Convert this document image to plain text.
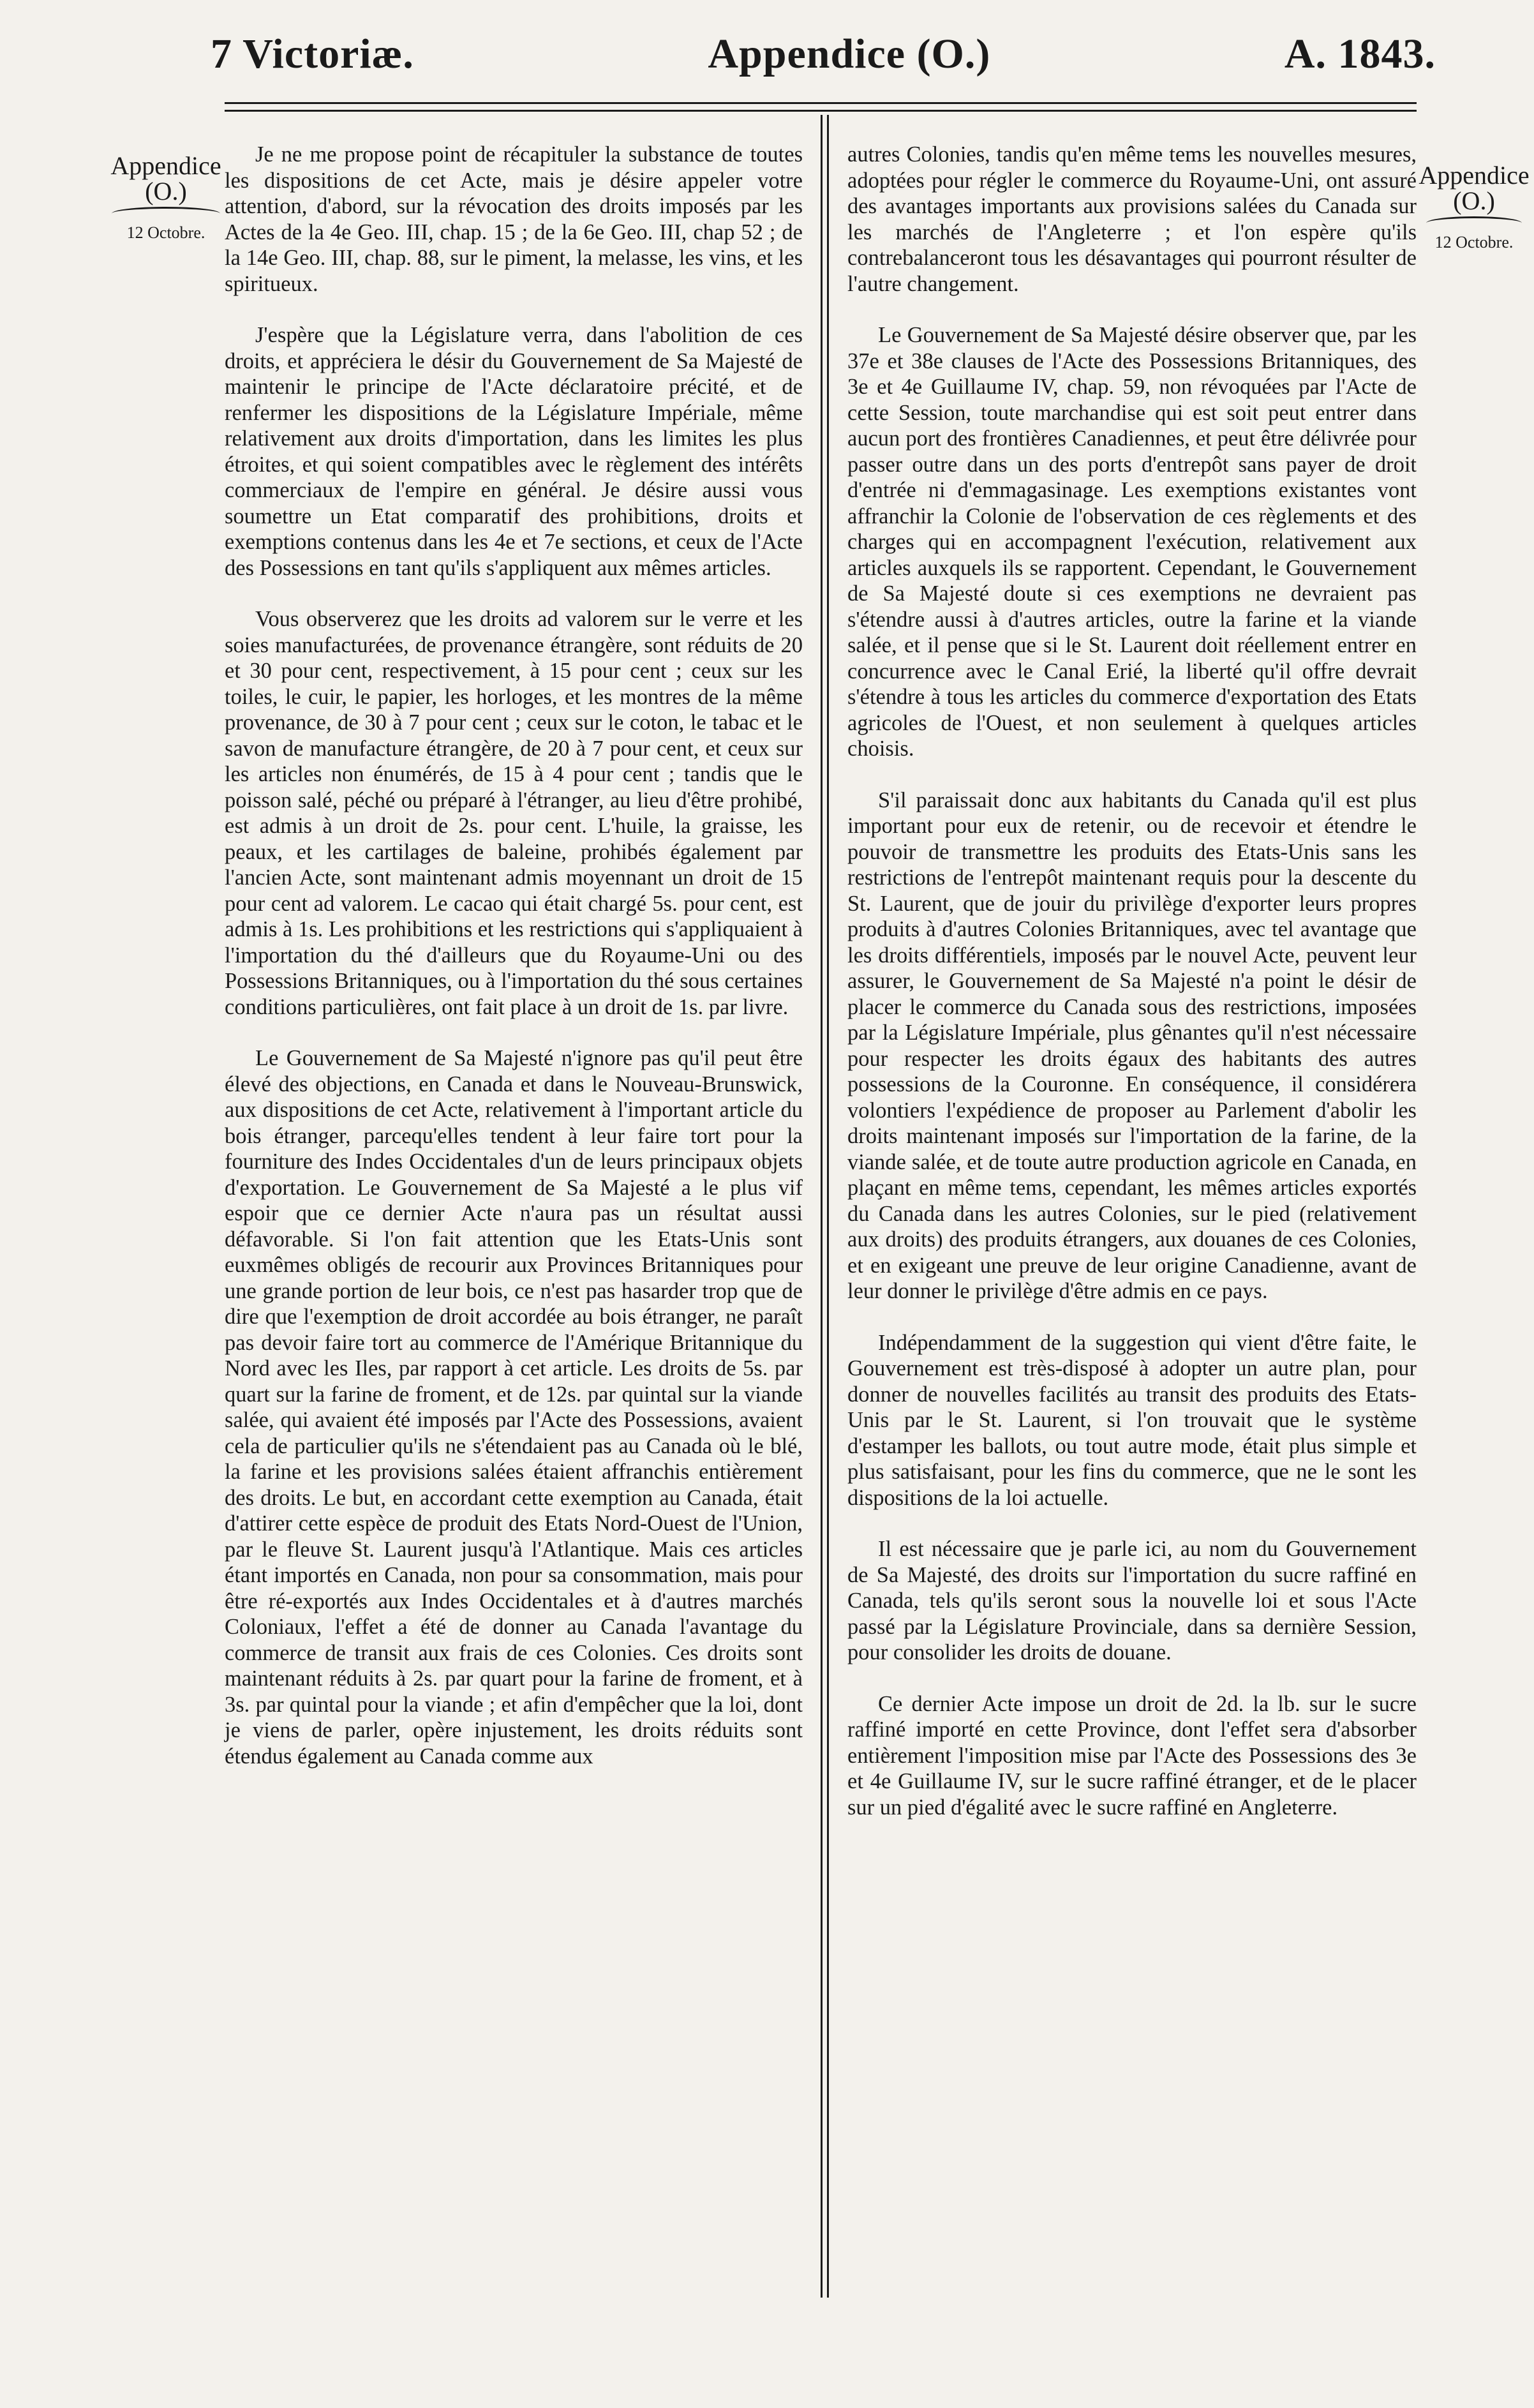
7 Victoriæ.	Appendice (O.)	A. 1843.
Appendice
(O.)
12 Octobre.
Appendice
(O.)
12 Octobre.

Je ne me propose point de récapituler la substance de toutes les dispositions de cet Acte, mais je désire appeler votre attention, d'abord, sur la révocation des droits imposés par les Actes de la 4e Geo. III, chap. 15 ; de la 6e Geo. III, chap 52 ; de la 14e Geo. III, chap. 88, sur le piment, la melasse, les vins, et les spiritueux.

J'espère que la Législature verra, dans l'abolition de ces droits, et appréciera le désir du Gouvernement de Sa Majesté de maintenir le principe de l'Acte déclaratoire précité, et de renfermer les dispositions de la Législature Impériale, même relativement aux droits d'importation, dans les limites les plus étroites, et qui soient compatibles avec le règlement des intérêts commerciaux de l'empire en général. Je désire aussi vous soumettre un Etat comparatif des prohibitions, droits et exemptions contenus dans les 4e et 7e sections, et ceux de l'Acte des Possessions en tant qu'ils s'appliquent aux mêmes articles.

Vous observerez que les droits ad valorem sur le verre et les soies manufacturées, de provenance étrangère, sont réduits de 20 et 30 pour cent, respectivement, à 15 pour cent ; ceux sur les toiles, le cuir, le papier, les horloges, et les montres de la même provenance, de 30 à 7 pour cent ; ceux sur le coton, le tabac et le savon de manufacture étrangère, de 20 à 7 pour cent, et ceux sur les articles non énumérés, de 15 à 4 pour cent ; tandis que le poisson salé, péché ou préparé à l'étranger, au lieu d'être prohibé, est admis à un droit de 2s. pour cent. L'huile, la graisse, les peaux, et les cartilages de baleine, prohibés également par l'ancien Acte, sont maintenant admis moyennant un droit de 15 pour cent ad valorem. Le cacao qui était chargé 5s. pour cent, est admis à 1s. Les prohibitions et les restrictions qui s'appliquaient à l'importation du thé d'ailleurs que du Royaume-Uni ou des Possessions Britanniques, ou à l'importation du thé sous certaines conditions particulières, ont fait place à un droit de 1s. par livre.

Le Gouvernement de Sa Majesté n'ignore pas qu'il peut être élevé des objections, en Canada et dans le Nouveau-Brunswick, aux dispositions de cet Acte, relativement à l'important article du bois étranger, parcequ'elles tendent à leur faire tort pour la fourniture des Indes Occidentales d'un de leurs principaux objets d'exportation. Le Gouvernement de Sa Majesté a le plus vif espoir que ce dernier Acte n'aura pas un résultat aussi défavorable. Si l'on fait attention que les Etats-Unis sont euxmêmes obligés de recourir aux Provinces Britanniques pour une grande portion de leur bois, ce n'est pas hasarder trop que de dire que l'exemption de droit accordée au bois étranger, ne paraît pas devoir faire tort au commerce de l'Amérique Britannique du Nord avec les Iles, par rapport à cet article. Les droits de 5s. par quart sur la farine de froment, et de 12s. par quintal sur la viande salée, qui avaient été imposés par l'Acte des Possessions, avaient cela de particulier qu'ils ne s'étendaient pas au Canada où le blé, la farine et les provisions salées étaient affranchis entièrement des droits. Le but, en accordant cette exemption au Canada, était d'attirer cette espèce de produit des Etats Nord-Ouest de l'Union, par le fleuve St. Laurent jusqu'à l'Atlantique. Mais ces articles étant importés en Canada, non pour sa consommation, mais pour être ré-exportés aux Indes Occidentales et à d'autres marchés Coloniaux, l'effet a été de donner au Canada l'avantage du commerce de transit aux frais de ces Colonies. Ces droits sont maintenant réduits à 2s. par quart pour la farine de froment, et à 3s. par quintal pour la viande ; et afin d'empêcher que la loi, dont je viens de parler, opère injustement, les droits réduits sont étendus également au Canada comme aux

autres Colonies, tandis qu'en même tems les nouvelles mesures, adoptées pour régler le commerce du Royaume-Uni, ont assuré des avantages importants aux provisions salées du Canada sur les marchés de l'Angleterre ; et l'on espère qu'ils contrebalanceront tous les désavantages qui pourront résulter de l'autre changement.

Le Gouvernement de Sa Majesté désire observer que, par les 37e et 38e clauses de l'Acte des Possessions Britanniques, des 3e et 4e Guillaume IV, chap. 59, non révoquées par l'Acte de cette Session, toute marchandise qui est soit peut entrer dans aucun port des frontières Canadiennes, et peut être délivrée pour passer outre dans un des ports d'entrepôt sans payer de droit d'entrée ni d'emmagasinage. Les exemptions existantes vont affranchir la Colonie de l'observation de ces règlements et des charges qui en accompagnent l'exécution, relativement aux articles auxquels ils se rapportent. Cependant, le Gouvernement de Sa Majesté doute si ces exemptions ne devraient pas s'étendre aussi à d'autres articles, outre la farine et la viande salée, et il pense que si le St. Laurent doit réellement entrer en concurrence avec le Canal Erié, la liberté qu'il offre devrait s'étendre à tous les articles du commerce d'exportation des Etats agricoles de l'Ouest, et non seulement à quelques articles choisis.

S'il paraissait donc aux habitants du Canada qu'il est plus important pour eux de retenir, ou de recevoir et étendre le pouvoir de transmettre les produits des Etats-Unis sans les restrictions de l'entrepôt maintenant requis pour la descente du St. Laurent, que de jouir du privilège d'exporter leurs propres produits à d'autres Colonies Britanniques, avec tel avantage que les droits différentiels, imposés par le nouvel Acte, peuvent leur assurer, le Gouvernement de Sa Majesté n'a point le désir de placer le commerce du Canada sous des restrictions, imposées par la Législature Impériale, plus gênantes qu'il n'est nécessaire pour respecter les droits égaux des habitants des autres possessions de la Couronne. En conséquence, il considérera volontiers l'expédience de proposer au Parlement d'abolir les droits maintenant imposés sur l'importation de la farine, de la viande salée, et de toute autre production agricole en Canada, en plaçant en même tems, cependant, les mêmes articles exportés du Canada dans les autres Colonies, sur le pied (relativement aux droits) des produits étrangers, aux douanes de ces Colonies, et en exigeant une preuve de leur origine Canadienne, avant de leur donner le privilège d'être admis en ce pays.

Indépendamment de la suggestion qui vient d'être faite, le Gouvernement est très-disposé à adopter un autre plan, pour donner de nouvelles facilités au transit des produits des Etats-Unis par le St. Laurent, si l'on trouvait que le système d'estamper les ballots, ou tout autre mode, était plus simple et plus satisfaisant, pour les fins du commerce, que ne le sont les dispositions de la loi actuelle.

Il est nécessaire que je parle ici, au nom du Gouvernement de Sa Majesté, des droits sur l'importation du sucre raffiné en Canada, tels qu'ils seront sous la nouvelle loi et sous l'Acte passé par la Législature Provinciale, dans sa dernière Session, pour consolider les droits de douane.

Ce dernier Acte impose un droit de 2d. la lb. sur le sucre raffiné importé en cette Province, dont l'effet sera d'absorber entièrement l'imposition mise par l'Acte des Possessions des 3e et 4e Guillaume IV, sur le sucre raffiné étranger, et de le placer sur un pied d'égalité avec le sucre raffiné en Angleterre.
